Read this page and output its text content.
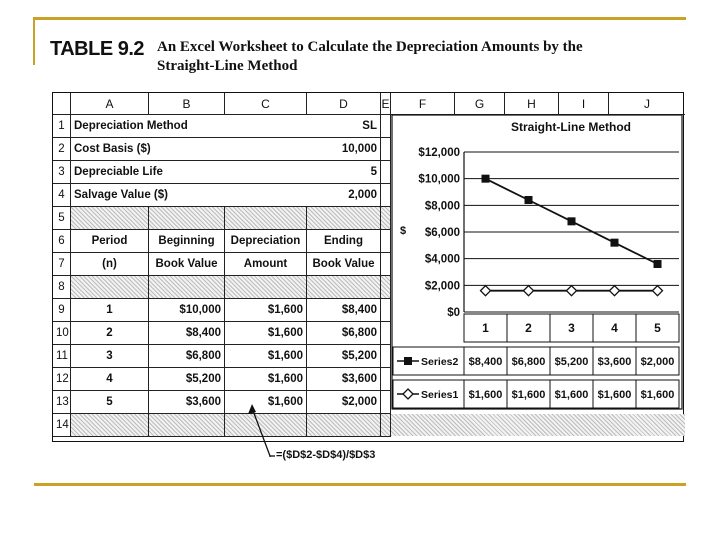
TABLE 9.2 An Excel Worksheet to Calculate the Depreciation Amounts by the
Straight-Line Method
A	B	C	D	E	F	G	H	I	J
1 Depreciation Method	SL
2 Cost Basis ($)	10,000
3 Depreciable Life	5
4 Salvage Value ($)	2,000
5
6	Period	Beginning	Depreciation	Ending
7	(n)	Book Value	Amount	Book Value
8
9	1	$10,000	$1,600	$8,400
10	2	$8,400	$1,600	$6,800
11	3	$6,800	$1,600	$5,200
12	4	$5,200	$1,600	$3,600
13	5	$3,600	$1,600	$2,000
14
Straight-Line Method
$
$12,000
$10,000
$8,000
$6,000
$4,000
$2,000
$0
1	2	3	4	5
Series2 $8,400 $6,800 $5,200 $3,600 $2,000
Series1 $1,600 $1,600 $1,600 $1,600 $1,600
=($D$2-$D$4)/$D$3
